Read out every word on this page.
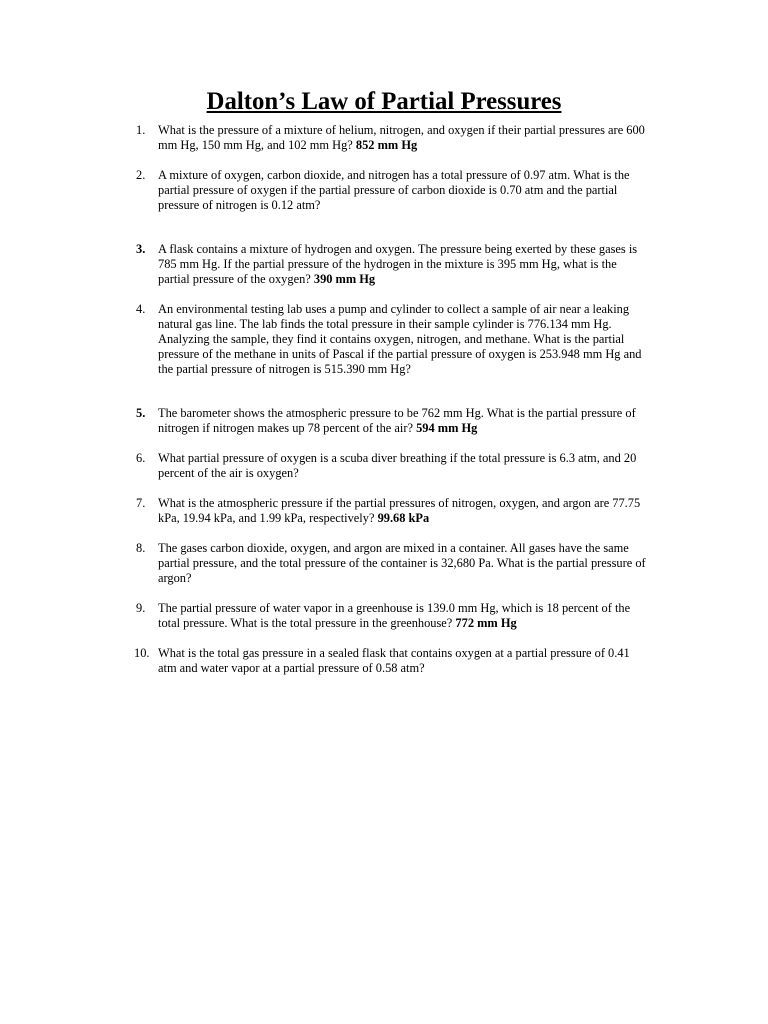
Dalton’s Law of Partial Pressures
1. What is the pressure of a mixture of helium, nitrogen, and oxygen if their partial pressures are 600 mm Hg, 150 mm Hg, and 102 mm Hg? 852 mm Hg
2. A mixture of oxygen, carbon dioxide, and nitrogen has a total pressure of 0.97 atm. What is the partial pressure of oxygen if the partial pressure of carbon dioxide is 0.70 atm and the partial pressure of nitrogen is 0.12 atm?
3. A flask contains a mixture of hydrogen and oxygen. The pressure being exerted by these gases is 785 mm Hg. If the partial pressure of the hydrogen in the mixture is 395 mm Hg, what is the partial pressure of the oxygen? 390 mm Hg
4. An environmental testing lab uses a pump and cylinder to collect a sample of air near a leaking natural gas line. The lab finds the total pressure in their sample cylinder is 776.134 mm Hg. Analyzing the sample, they find it contains oxygen, nitrogen, and methane. What is the partial pressure of the methane in units of Pascal if the partial pressure of oxygen is 253.948 mm Hg and the partial pressure of nitrogen is 515.390 mm Hg?
5. The barometer shows the atmospheric pressure to be 762 mm Hg. What is the partial pressure of nitrogen if nitrogen makes up 78 percent of the air? 594 mm Hg
6. What partial pressure of oxygen is a scuba diver breathing if the total pressure is 6.3 atm, and 20 percent of the air is oxygen?
7. What is the atmospheric pressure if the partial pressures of nitrogen, oxygen, and argon are 77.75 kPa, 19.94 kPa, and 1.99 kPa, respectively? 99.68 kPa
8. The gases carbon dioxide, oxygen, and argon are mixed in a container. All gases have the same partial pressure, and the total pressure of the container is 32,680 Pa. What is the partial pressure of argon?
9. The partial pressure of water vapor in a greenhouse is 139.0 mm Hg, which is 18 percent of the total pressure. What is the total pressure in the greenhouse? 772 mm Hg
10. What is the total gas pressure in a sealed flask that contains oxygen at a partial pressure of 0.41 atm and water vapor at a partial pressure of 0.58 atm?
